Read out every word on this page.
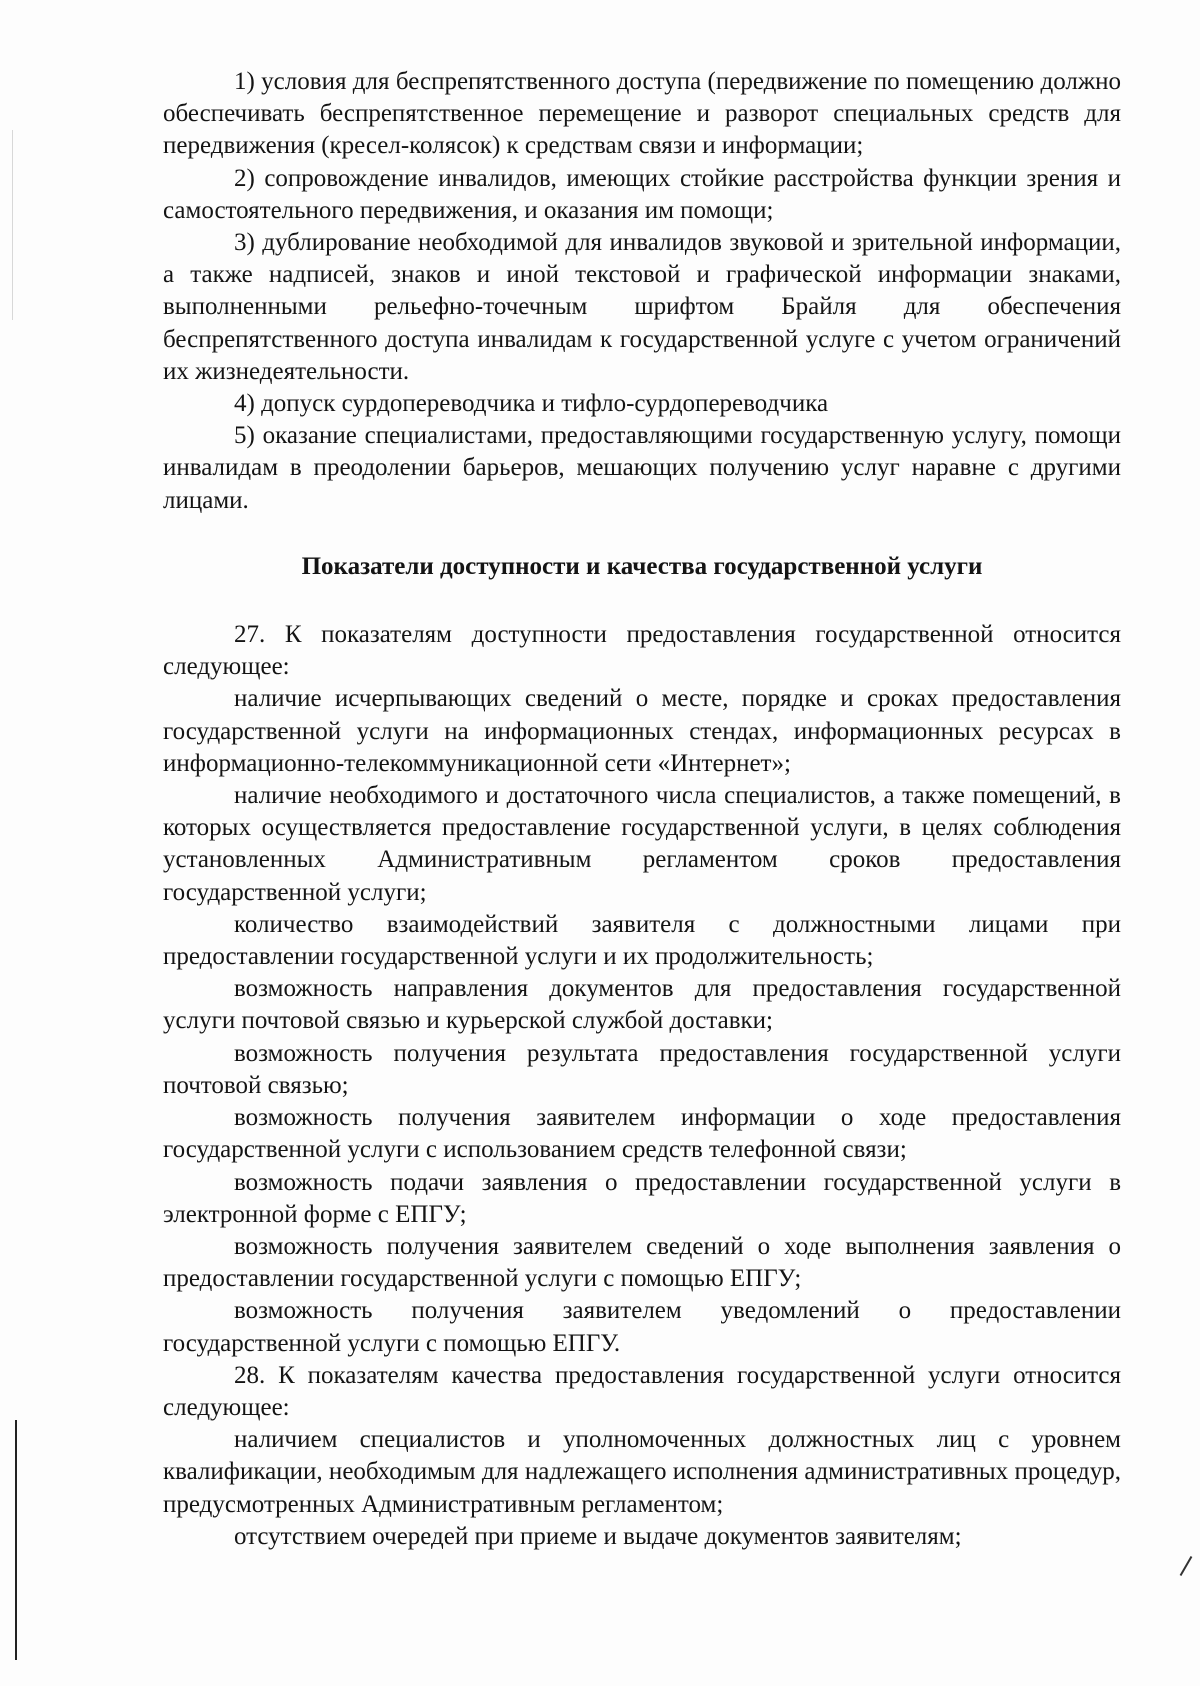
1) условия для беспрепятственного доступа (передвижение по помещению должно обеспечивать беспрепятственное перемещение и разворот специальных средств для передвижения (кресел-колясок) к средствам связи и информации;

2) сопровождение инвалидов, имеющих стойкие расстройства функции зрения и самостоятельного передвижения, и оказания им помощи;

3) дублирование необходимой для инвалидов звуковой и зрительной информации, а также надписей, знаков и иной текстовой и графической информации знаками, выполненными рельефно-точечным шрифтом Брайля для обеспечения беспрепятственного доступа инвалидам к государственной услуге с учетом ограничений их жизнедеятельности.

4) допуск сурдопереводчика и тифло-сурдопереводчика

5) оказание специалистами, предоставляющими государственную услугу, помощи инвалидам в преодолении барьеров, мешающих получению услуг наравне с другими лицами.

Показатели доступности и качества государственной услуги

27. К показателям доступности предоставления государственной относится следующее:

наличие исчерпывающих сведений о месте, порядке и сроках предоставления государственной услуги на информационных стендах, информационных ресурсах в информационно-телекоммуникационной сети «Интернет»;

наличие необходимого и достаточного числа специалистов, а также помещений, в которых осуществляется предоставление государственной услуги, в целях соблюдения установленных Административным регламентом сроков предоставления государственной услуги;

количество взаимодействий заявителя с должностными лицами при предоставлении государственной услуги и их продолжительность;

возможность направления документов для предоставления государственной услуги почтовой связью и курьерской службой доставки;

возможность получения результата предоставления государственной услуги почтовой связью;

возможность получения заявителем информации о ходе предоставления государственной услуги с использованием средств телефонной связи;

возможность подачи заявления о предоставлении государственной услуги в электронной форме с ЕПГУ;

возможность получения заявителем сведений о ходе выполнения заявления о предоставлении государственной услуги с помощью ЕПГУ;

возможность получения заявителем уведомлений о предоставлении государственной услуги с помощью ЕПГУ.

28. К показателям качества предоставления государственной услуги относится следующее:

наличием специалистов и уполномоченных должностных лиц с уровнем квалификации, необходимым для надлежащего исполнения административных процедур, предусмотренных Административным регламентом;

отсутствием очередей при приеме и выдаче документов заявителям;
